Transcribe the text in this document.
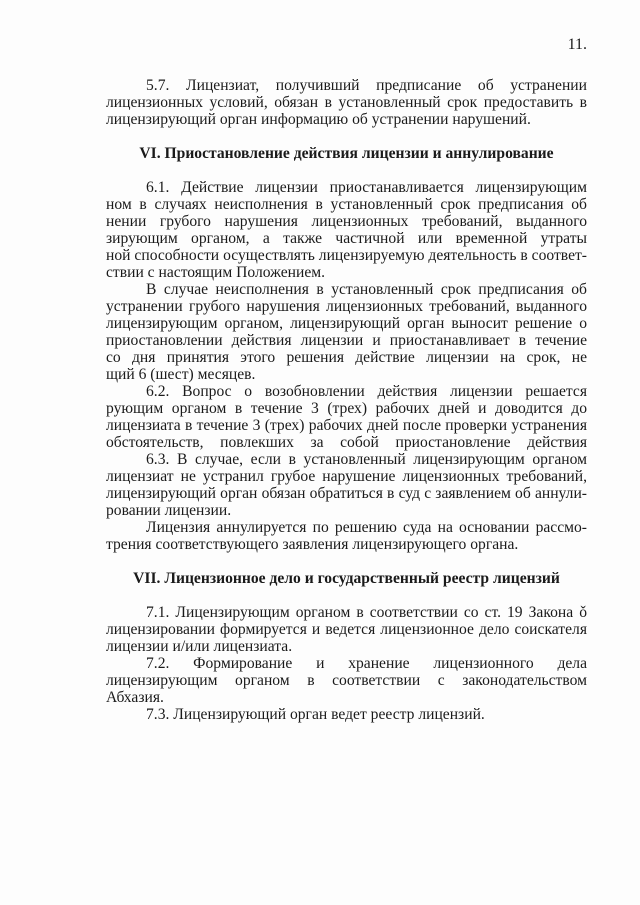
11.
5.7. Лицензиат, получивший предписание об устранении
лицензионных условий, обязан в установленный срок предоставить в
лицензирующий орган информацию об устранении нарушений.
VI. Приостановление действия лицензии и аннулирование
6.1. Действие лицензии приостанавливается лицензирующим
ном в случаях неисполнения в установленный срок предписания об
нении грубого нарушения лицензионных требований, выданного
зирующим органом, а также частичной или временной утраты
ной способности осуществлять лицензируемую деятельность в соответ-
ствии с настоящим Положением.
В случае неисполнения в установленный срок предписания об
устранении грубого нарушения лицензионных требований, выданного
лицензирующим органом, лицензирующий орган выносит решение о
приостановлении действия лицензии и приостанавливает в течение
со дня принятия этого решения действие лицензии на срок, не
щий 6 (шест) месяцев.
6.2. Вопрос о возобновлении действия лицензии решается
рующим органом в течение 3 (трех) рабочих дней и доводится до
лицензиата в течение 3 (трех) рабочих дней после проверки устранения
обстоятельств, повлекших за собой приостановление действия
6.3. В случае, если в установленный лицензирующим органом
лицензиат не устранил грубое нарушение лицензионных требований,
лицензирующий орган обязан обратиться в суд с заявлением об аннули-
ровании лицензии.
Лицензия аннулируется по решению суда на основании рассмо-
трения соответствующего заявления лицензирующего органа.
VII. Лицензионное дело и государственный реестр лицензий
7.1. Лицензирующим органом в соответствии со ст. 19 Закона ǒ
лицензировании формируется и ведется лицензионное дело соискателя
лицензии и/или лицензиата.
7.2. Формирование и хранение лицензионного дела
лицензирующим органом в соответствии с законодательством
Абхазия.
7.3. Лицензирующий орган ведет реестр лицензий.
